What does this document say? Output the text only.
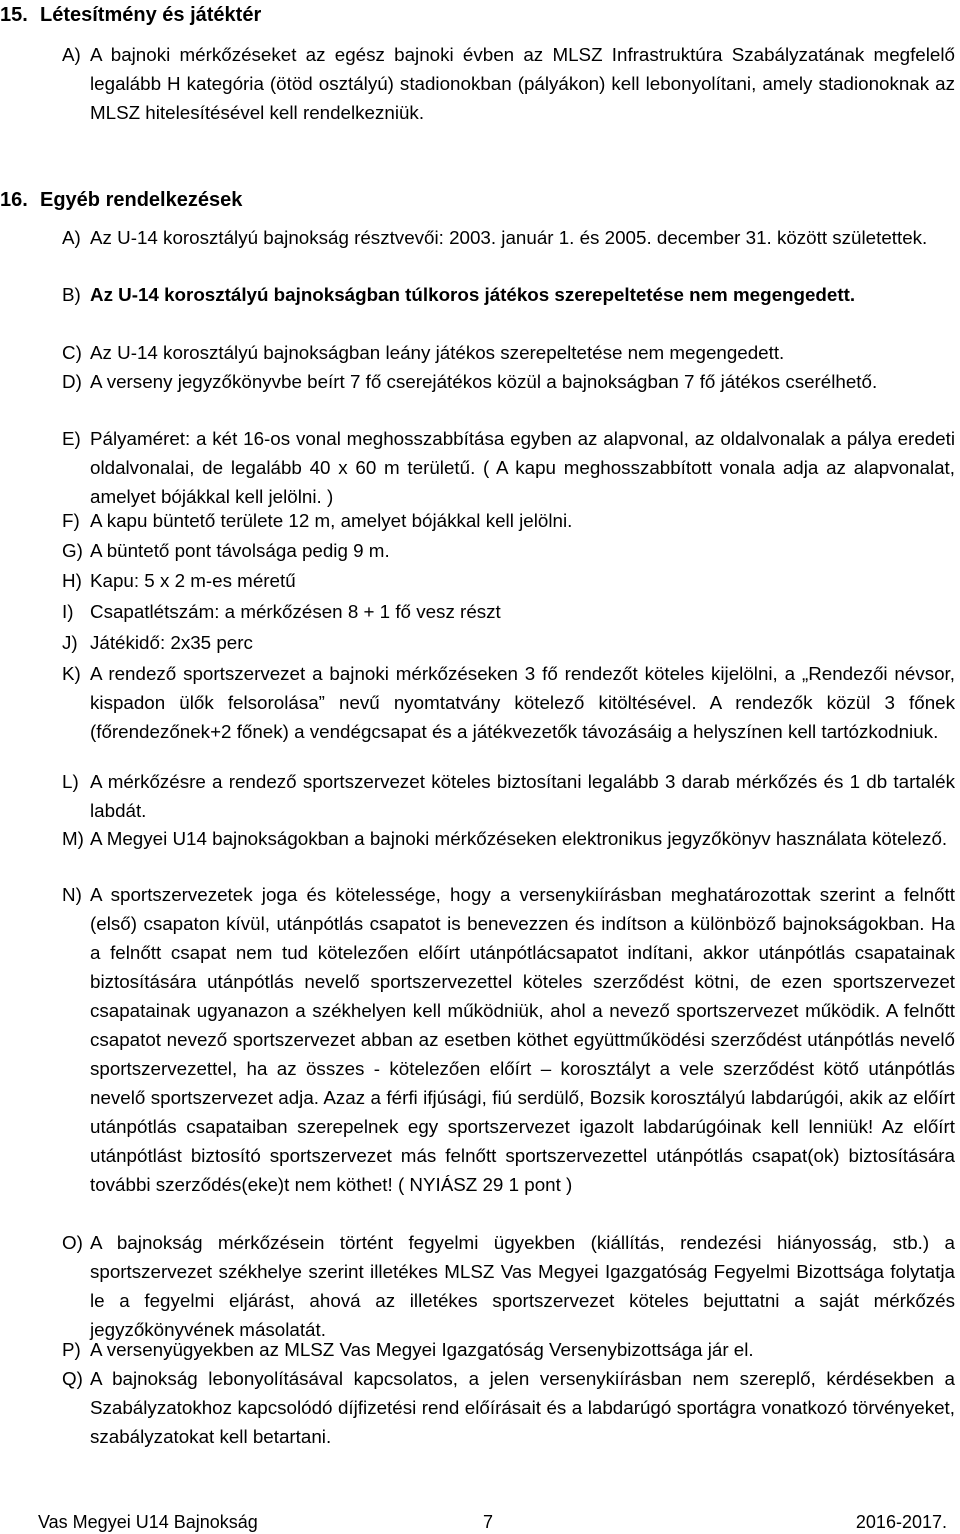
15. Létesítmény és játéktér

A) A bajnoki mérkőzéseket az egész bajnoki évben az MLSZ Infrastruktúra Szabályzatának megfelelő legalább H kategória (ötöd osztályú) stadionokban (pályákon) kell lebonyolítani, amely stadionoknak az MLSZ hitelesítésével kell rendelkezniük.

16. Egyéb rendelkezések

A) Az U-14 korosztályú bajnokság résztvevői: 2003. január 1. és 2005. december 31. között születettek.

B) Az U-14 korosztályú bajnokságban túlkoros játékos szerepeltetése nem megengedett.

C) Az U-14 korosztályú bajnokságban leány játékos szerepeltetése nem megengedett.

D) A verseny jegyzőkönyvbe beírt 7 fő cserejátékos közül a bajnokságban 7 fő játékos cserélhető.

E) Pályaméret: a két 16-os vonal meghosszabbítása egyben az alapvonal, az oldalvonalak a pálya eredeti oldalvonalai, de legalább 40 x 60 m területű. ( A kapu meghosszabbított vonala adja az alapvonalat, amelyet bójákkal kell jelölni. )

F) A kapu büntető területe 12 m, amelyet bójákkal kell jelölni.

G) A büntető pont távolsága pedig 9 m.

H) Kapu: 5 x 2 m-es méretű

I) Csapatlétszám: a mérkőzésen 8 + 1 fő vesz részt

J) Játékidő: 2x35 perc

K) A rendező sportszervezet a bajnoki mérkőzéseken 3 fő rendezőt köteles kijelölni, a „Rendezői névsor, kispadon ülők felsorolása” nevű nyomtatvány kötelező kitöltésével. A rendezők közül 3 főnek (főrendezőnek+2 főnek) a vendégcsapat és a játékvezetők távozásáig a helyszínen kell tartózkodniuk.

L) A mérkőzésre a rendező sportszervezet köteles biztosítani legalább 3 darab mérkőzés és 1 db tartalék labdát.

M) A Megyei U14 bajnokságokban a bajnoki mérkőzéseken elektronikus jegyzőkönyv használata kötelező.

N) A sportszervezetek joga és kötelessége, hogy a versenykiírásban meghatározottak szerint a felnőtt (első) csapaton kívül, utánpótlás csapatot is benevezzen és indítson a különböző bajnokságokban. Ha a felnőtt csapat nem tud kötelezően előírt utánpótlácsapatot indítani, akkor utánpótlás csapatainak biztosítására utánpótlás nevelő sportszervezettel köteles szerződést kötni, de ezen sportszervezet csapatainak ugyanazon a székhelyen kell működniük, ahol a nevező sportszervezet működik. A felnőtt csapatot nevező sportszervezet abban az esetben köthet együttműködési szerződést utánpótlás nevelő sportszervezettel, ha az összes - kötelezően előírt – korosztályt a vele szerződést kötő utánpótlás nevelő sportszervezet adja. Azaz a férfi ifjúsági, fiú serdülő, Bozsik korosztályú labdarúgói, akik az előírt utánpótlás csapataiban szerepelnek egy sportszervezet igazolt labdarúgóinak kell lenniük! Az előírt utánpótlást biztosító sportszervezet más felnőtt sportszervezettel utánpótlás csapat(ok) biztosítására további szerződés(eke)t nem köthet! ( NYIÁSZ 29 1 pont )

O) A bajnokság mérkőzésein történt fegyelmi ügyekben (kiállítás, rendezési hiányosság, stb.) a sportszervezet székhelye szerint illetékes MLSZ Vas Megyei Igazgatóság Fegyelmi Bizottsága folytatja le a fegyelmi eljárást, ahová az illetékes sportszervezet köteles bejuttatni a saját mérkőzés jegyzőkönyvének másolatát.

P) A versenyügyekben az MLSZ Vas Megyei Igazgatóság Versenybizottsága jár el.

Q) A bajnokság lebonyolításával kapcsolatos, a jelen versenykiírásban nem szereplő, kérdésekben a Szabályzatokhoz kapcsolódó díjfizetési rend előírásait és a labdarúgó sportágra vonatkozó törvényeket, szabályzatokat kell betartani.

Vas Megyei U14 Bajnokság	7	2016-2017.
